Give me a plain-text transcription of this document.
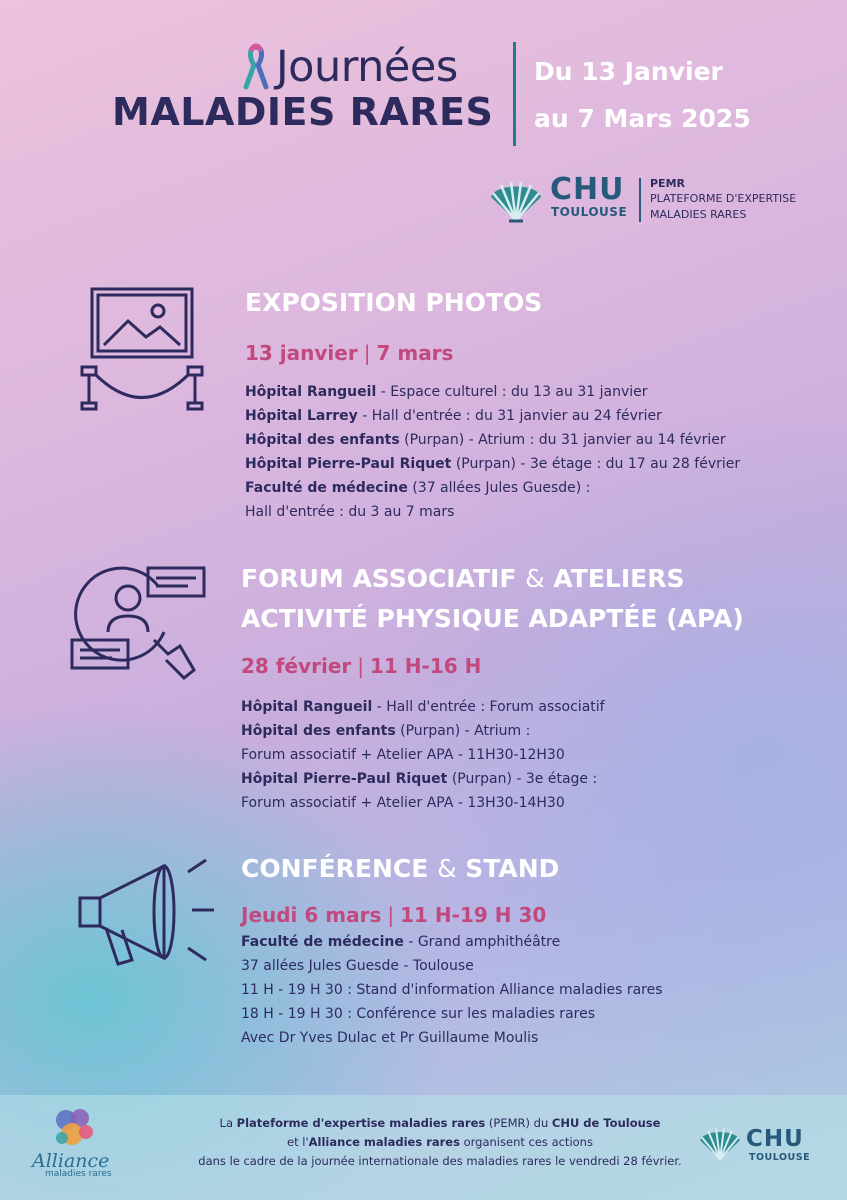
Journées
MALADIES RARES
Du 13 Janvier
au 7 Mars 2025
CHU
TOULOUSE
PEMR
PLATEFORME D'EXPERTISE
MALADIES RARES
EXPOSITION PHOTOS
13 janvier | 7 mars
Hôpital Rangueil - Espace culturel : du 13 au 31 janvier
Hôpital Larrey - Hall d'entrée : du 31 janvier au 24 février
Hôpital des enfants (Purpan) - Atrium : du 31 janvier au 14 février
Hôpital Pierre-Paul Riquet (Purpan) - 3e étage : du 17 au 28 février
Faculté de médecine (37 allées Jules Guesde) :
Hall d'entrée : du 3 au 7 mars
FORUM ASSOCIATIF & ATELIERS
ACTIVITÉ PHYSIQUE ADAPTÉE (APA)
28 février | 11 H-16 H
Hôpital Rangueil - Hall d'entrée : Forum associatif
Hôpital des enfants (Purpan) - Atrium :
Forum associatif + Atelier APA - 11H30-12H30
Hôpital Pierre-Paul Riquet (Purpan) - 3e étage :
Forum associatif + Atelier APA - 13H30-14H30
CONFÉRENCE & STAND
Jeudi 6 mars | 11 H-19 H 30
Faculté de médecine - Grand amphithéâtre
37 allées Jules Guesde - Toulouse
11 H - 19 H 30 : Stand d'information Alliance maladies rares
18 H - 19 H 30 : Conférence sur les maladies rares
Avec Dr Yves Dulac et Pr Guillaume Moulis
Alliance
maladies rares
La Plateforme d'expertise maladies rares (PEMR) du CHU de Toulouse
et l'Alliance maladies rares organisent ces actions
dans le cadre de la journée internationale des maladies rares le vendredi 28 février.
CHU
TOULOUSE
